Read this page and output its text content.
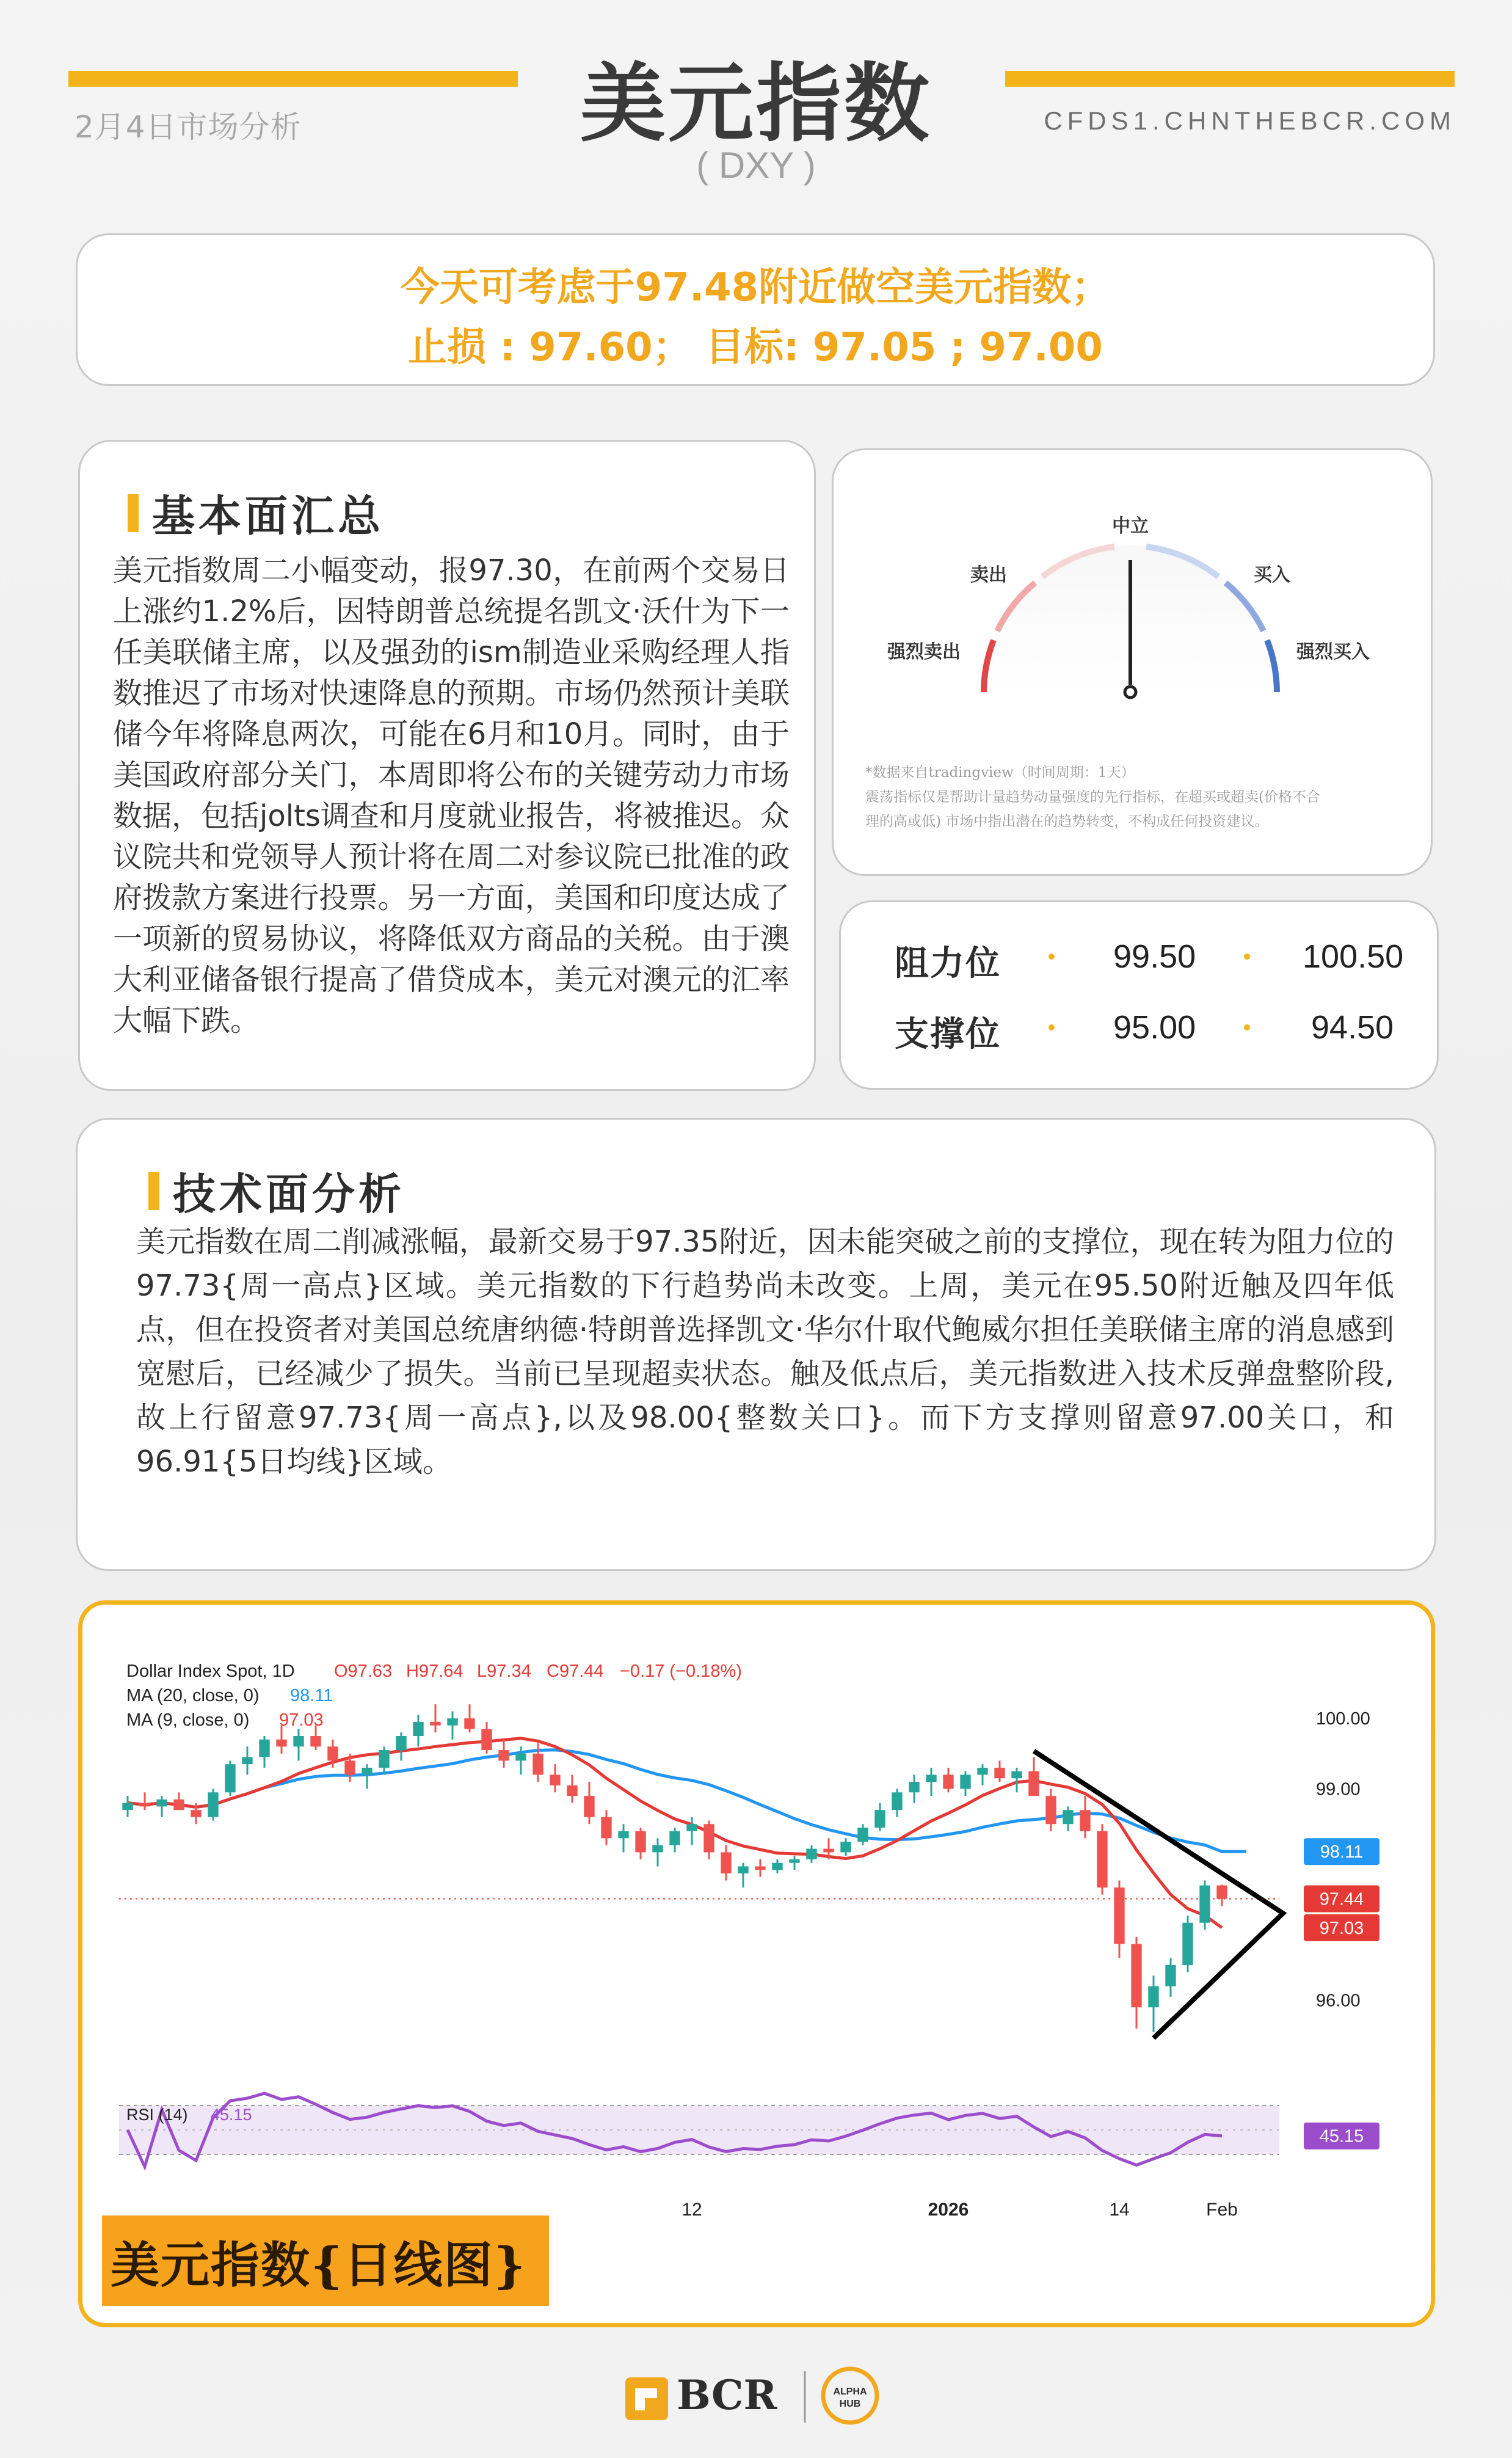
2月4日市场分析	CFDS1.CHNTHEBCR.COM
美元指数
( DXY )
今天可考虑于97.48附近做空美元指数；
止损 : 97.60； 目标: 97.05 ; 97.00
基本面汇总
美元指数周二小幅变动，报97.30，在前两个交易日上涨约1.2%后，因特朗普总统提名凯文·沃什为下一任美联储主席，以及强劲的ism制造业采购经理人指数推迟了市场对快速降息的预期。市场仍然预计美联储今年将降息两次，可能在6月和10月。同时，由于美国政府部分关门，本周即将公布的关键劳动力市场数据，包括jolts调查和月度就业报告，将被推迟。众议院共和党领导人预计将在周二对参议院已批准的政府拨款方案进行投票。另一方面，美国和印度达成了一项新的贸易协议，将降低双方商品的关税。由于澳大利亚储备银行提高了借贷成本，美元对澳元的汇率大幅下跌。
中立
卖出	买入
强烈卖出	强烈买入
*数据来自tradingview（时间周期：1天）
震荡指标仅是帮助计量趋势动量强度的先行指标，在超买或超卖(价格不合
理的高或低) 市场中指出潜在的趋势转变，不构成任何投资建议。
阻力位	99.50	100.50
支撑位	95.00	94.50
技术面分析
美元指数在周二削减涨幅，最新交易于97.35附近，因未能突破之前的支撑位，现在转为阻力位的97.73{周一高点}区域。美元指数的下行趋势尚未改变。上周，美元在95.50附近触及四年低点，但在投资者对美国总统唐纳德·特朗普选择凯文·华尔什取代鲍威尔担任美联储主席的消息感到宽慰后，已经减少了损失。当前已呈现超卖状态。触及低点后，美元指数进入技术反弹盘整阶段,故上行留意97.73{周一高点},以及98.00{整数关口}。而下方支撑则留意97.00关口，和96.91{5日均线}区域。
45.15
Dollar Index Spot, 1D O97.63 H97.64 L97.34 C97.44 −0.17 (−0.18%)
MA (20, close, 0) 98.11
MA (9, close, 0) 97.03
RSI (14) 45.15
100.00
99.00
96.00
12	2026	14	Feb
98.11
97.44
97.03
美元指数{日线图}
BCR	ALPHA
HUB
